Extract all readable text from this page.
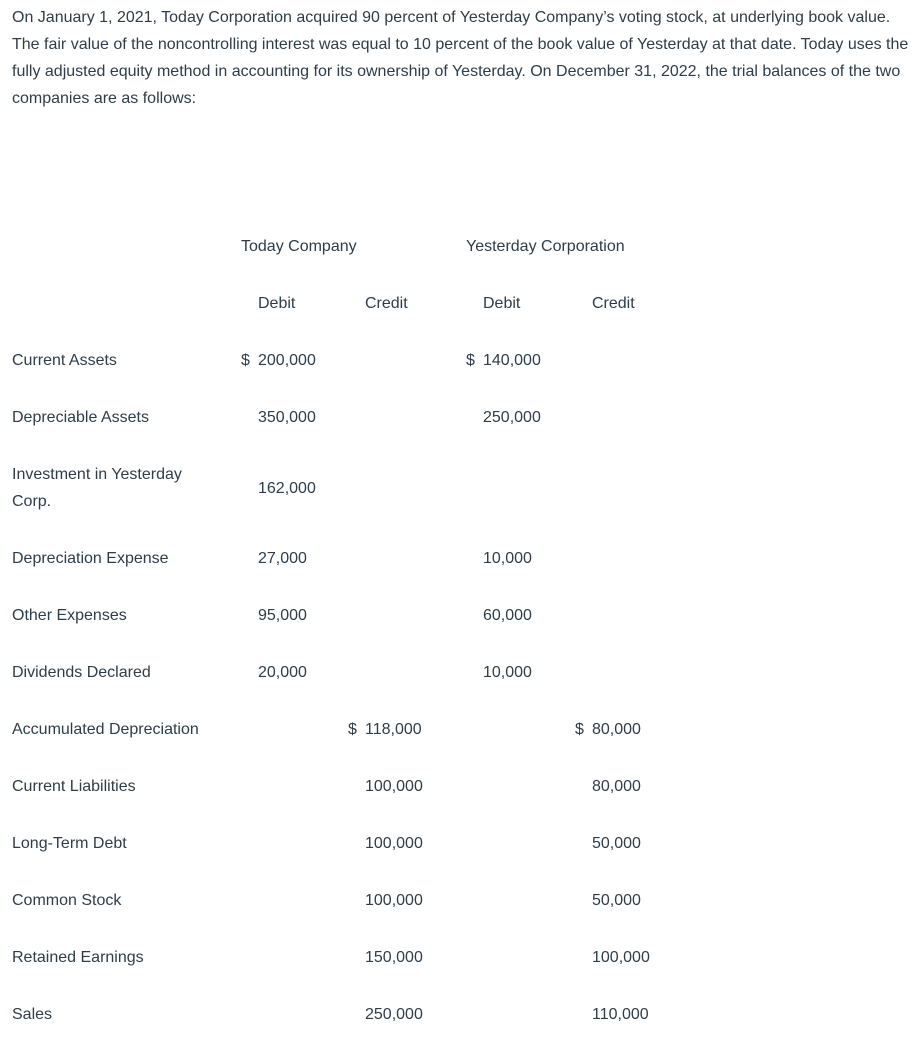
On January 1, 2021, Today Corporation acquired 90 percent of Yesterday Company’s voting stock, at underlying book value. The fair value of the noncontrolling interest was equal to 10 percent of the book value of Yesterday at that date. Today uses the fully adjusted equity method in accounting for its ownership of Yesterday. On December 31, 2022, the trial balances of the two companies are as follows:

	Today Company		Yesterday Corporation	
	Debit	Credit	Debit	Credit
Current Assets	$ 200,000		$ 140,000	
Depreciable Assets	350,000		250,000	
Investment in Yesterday Corp.	162,000			
Depreciation Expense	27,000		10,000	
Other Expenses	95,000		60,000	
Dividends Declared	20,000		10,000	
Accumulated Depreciation		$ 118,000		$ 80,000
Current Liabilities		100,000		80,000
Long-Term Debt		100,000		50,000
Common Stock		100,000		50,000
Retained Earnings		150,000		100,000
Sales		250,000		110,000
